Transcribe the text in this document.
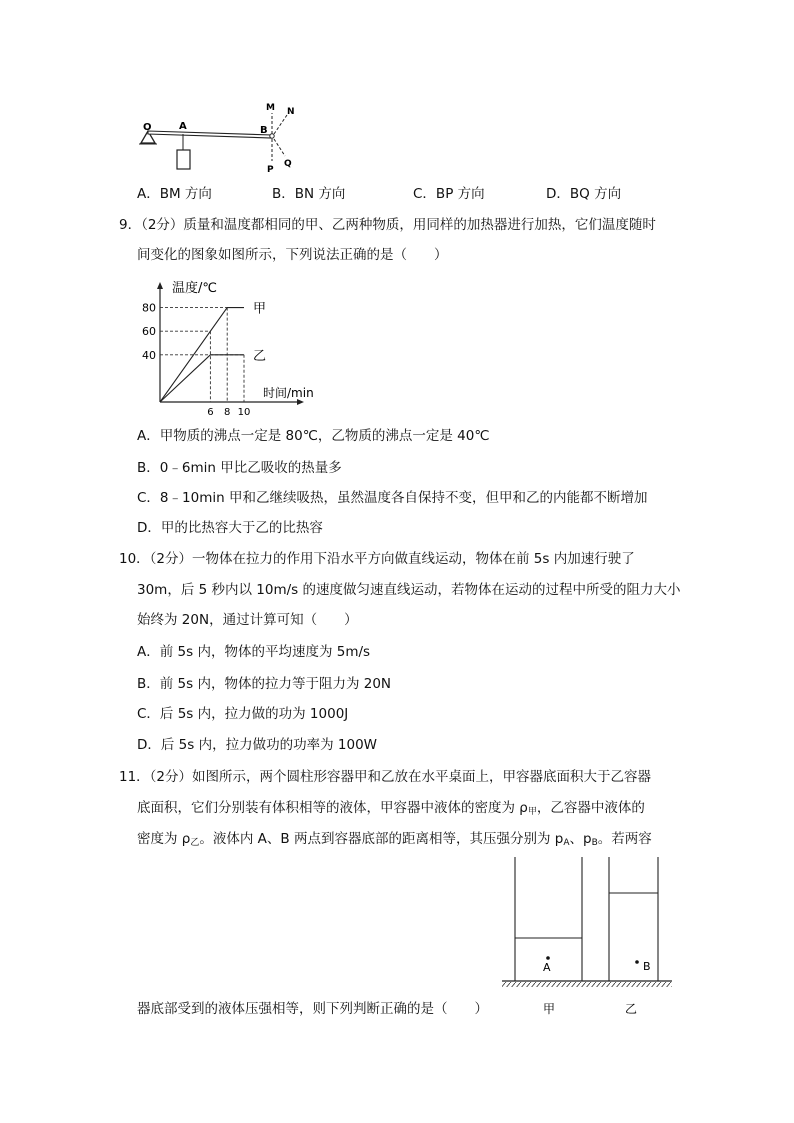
O	A	B
M N
P
Q
A．BM 方向	B．BN 方向	C．BP 方向	D．BQ 方向
9．（2分）质量和温度都相同的甲、乙两种物质，用同样的加热器进行加热，它们温度随时
间变化的图象如图所示，下列说法正确的是（　　）
甲
乙
80
60
40
6 8 10
温度/℃
时间/min
A．甲物质的沸点一定是 80℃，乙物质的沸点一定是 40℃
B．0﹣6min 甲比乙吸收的热量多
C．8﹣10min 甲和乙继续吸热，虽然温度各自保持不变，但甲和乙的内能都不断增加
D．甲的比热容大于乙的比热容
10．（2分）一物体在拉力的作用下沿水平方向做直线运动，物体在前 5s 内加速行驶了
30m，后 5 秒内以 10m/s 的速度做匀速直线运动，若物体在运动的过程中所受的阻力大小
始终为 20N，通过计算可知（　　）
A．前 5s 内，物体的平均速度为 5m/s
B．前 5s 内，物体的拉力等于阻力为 20N
C．后 5s 内，拉力做的功为 1000J
D．后 5s 内，拉力做功的功率为 100W
11．（2分）如图所示，两个圆柱形容器甲和乙放在水平桌面上，甲容器底面积大于乙容器
底面积，它们分别装有体积相等的液体，甲容器中液体的密度为 $\rho_甲$，乙容器中液体的
密度为 $\rho_乙$。液体内 A、B 两点到容器底部的距离相等，其压强分别为 $p_A$、$p_B$。若两容
器底部受到的液体压强相等，则下列判断正确的是（　　）
A	B
甲	乙
